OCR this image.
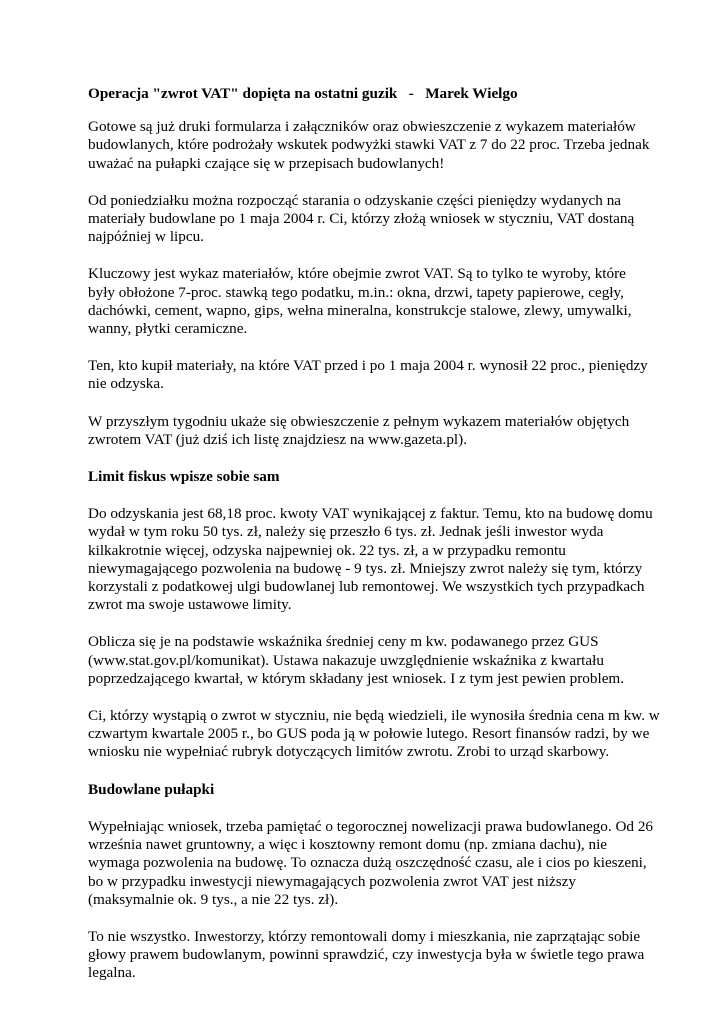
Operacja "zwrot VAT" dopięta na ostatni guzik   -   Marek Wielgo
Gotowe są już druki formularza i załączników oraz obwieszczenie z wykazem materiałów
budowlanych, które podrożały wskutek podwyżki stawki VAT z 7 do 22 proc. Trzeba jednak
uważać na pułapki czające się w przepisach budowlanych!
Od poniedziałku można rozpocząć starania o odzyskanie części pieniędzy wydanych na
materiały budowlane po 1 maja 2004 r. Ci, którzy złożą wniosek w styczniu, VAT dostaną
najpóźniej w lipcu.
Kluczowy jest wykaz materiałów, które obejmie zwrot VAT. Są to tylko te wyroby, które
były obłożone 7-proc. stawką tego podatku, m.in.: okna, drzwi, tapety papierowe, cegły,
dachówki, cement, wapno, gips, wełna mineralna, konstrukcje stalowe, zlewy, umywalki,
wanny, płytki ceramiczne.
Ten, kto kupił materiały, na które VAT przed i po 1 maja 2004 r. wynosił 22 proc., pieniędzy
nie odzyska.
W przyszłym tygodniu ukaże się obwieszczenie z pełnym wykazem materiałów objętych
zwrotem VAT (już dziś ich listę znajdziesz na www.gazeta.pl).
Limit fiskus wpisze sobie sam
Do odzyskania jest 68,18 proc. kwoty VAT wynikającej z faktur. Temu, kto na budowę domu
wydał w tym roku 50 tys. zł, należy się przeszło 6 tys. zł. Jednak jeśli inwestor wyda
kilkakrotnie więcej, odzyska najpewniej ok. 22 tys. zł, a w przypadku remontu
niewymagającego pozwolenia na budowę - 9 tys. zł. Mniejszy zwrot należy się tym, którzy
korzystali z podatkowej ulgi budowlanej lub remontowej. We wszystkich tych przypadkach
zwrot ma swoje ustawowe limity.
Oblicza się je na podstawie wskaźnika średniej ceny m kw. podawanego przez GUS
(www.stat.gov.pl/komunikat). Ustawa nakazuje uwzględnienie wskaźnika z kwartału
poprzedzającego kwartał, w którym składany jest wniosek. I z tym jest pewien problem.
Ci, którzy wystąpią o zwrot w styczniu, nie będą wiedzieli, ile wynosiła średnia cena m kw. w
czwartym kwartale 2005 r., bo GUS poda ją w połowie lutego. Resort finansów radzi, by we
wniosku nie wypełniać rubryk dotyczących limitów zwrotu. Zrobi to urząd skarbowy.
Budowlane pułapki
Wypełniając wniosek, trzeba pamiętać o tegorocznej nowelizacji prawa budowlanego. Od 26
września nawet gruntowny, a więc i kosztowny remont domu (np. zmiana dachu), nie
wymaga pozwolenia na budowę. To oznacza dużą oszczędność czasu, ale i cios po kieszeni,
bo w przypadku inwestycji niewymagających pozwolenia zwrot VAT jest niższy
(maksymalnie ok. 9 tys., a nie 22 tys. zł).
To nie wszystko. Inwestorzy, którzy remontowali domy i mieszkania, nie zaprzątając sobie
głowy prawem budowlanym, powinni sprawdzić, czy inwestycja była w świetle tego prawa
legalna.
